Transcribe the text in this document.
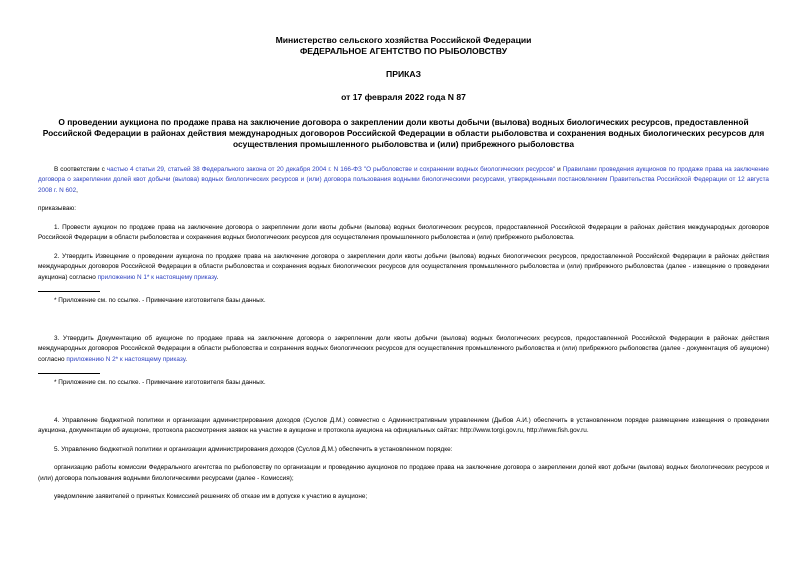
Министерство сельского хозяйства Российской Федерации
ФЕДЕРАЛЬНОЕ АГЕНТСТВО ПО РЫБОЛОВСТВУ
ПРИКАЗ
от 17 февраля 2022 года N 87
О проведении аукциона по продаже права на заключение договора о закреплении доли квоты добычи (вылова) водных биологических ресурсов, предоставленной Российской Федерации в районах действия международных договоров Российской Федерации в области рыболовства и сохранения водных биологических ресурсов для осуществления промышленного рыболовства и (или) прибрежного рыболовства

В соответствии с частью 4 статьи 29, статьей 38 Федерального закона от 20 декабря 2004 г. N 166-ФЗ "О рыболовстве и сохранении водных биологических ресурсов" и Правилами проведения аукционов по продаже права на заключение договора о закреплении долей квот добычи (вылова) водных биологических ресурсов и (или) договора пользования водными биологическими ресурсами, утвержденными постановлением Правительства Российской Федерации от 12 августа 2008 г. N 602,

приказываю:

1. Провести аукцион по продаже права на заключение договора о закреплении доли квоты добычи (вылова) водных биологических ресурсов, предоставленной Российской Федерации в районах действия международных договоров Российской Федерации в области рыболовства и сохранения водных биологических ресурсов для осуществления промышленного рыболовства и (или) прибрежного рыболовства.

2. Утвердить Извещение о проведении аукциона по продаже права на заключение договора о закреплении доли квоты добычи (вылова) водных биологических ресурсов, предоставленной Российской Федерации в районах действия международных договоров Российской Федерации в области рыболовства и сохранения водных биологических ресурсов для осуществления промышленного рыболовства и (или) прибрежного рыболовства (далее - извещение о проведении аукциона) согласно приложению N 1* к настоящему приказу.

* Приложение см. по ссылке. - Примечание изготовителя базы данных.

3. Утвердить Документацию об аукционе по продаже права на заключение договора о закреплении доли квоты добычи (вылова) водных биологических ресурсов, предоставленной Российской Федерации в районах действия международных договоров Российской Федерации в области рыболовства и сохранения водных биологических ресурсов для осуществления промышленного рыболовства и (или) прибрежного рыболовства (далее - документация об аукционе) согласно приложению N 2* к настоящему приказу.

* Приложение см. по ссылке. - Примечание изготовителя базы данных.

4. Управление бюджетной политики и организации администрирования доходов (Суслов Д.М.) совместно с Административным управлением (Дыбов А.И.) обеспечить в установленном порядке размещение извещения о проведении аукциона, документации об аукционе, протокола рассмотрения заявок на участие в аукционе и протокола аукциона на официальных сайтах: http://www.torgi.gov.ru, http://www.fish.gov.ru.

5. Управлению бюджетной политики и организации администрирования доходов (Суслов Д.М.) обеспечить в установленном порядке:

организацию работы комиссии Федерального агентства по рыболовству по организации и проведению аукционов по продаже права на заключение договора о закреплении долей квот добычи (вылова) водных биологических ресурсов и (или) договора пользования водными биологическими ресурсами (далее - Комиссия);

уведомление заявителей о принятых Комиссией решениях об отказе им в допуске к участию в аукционе;
